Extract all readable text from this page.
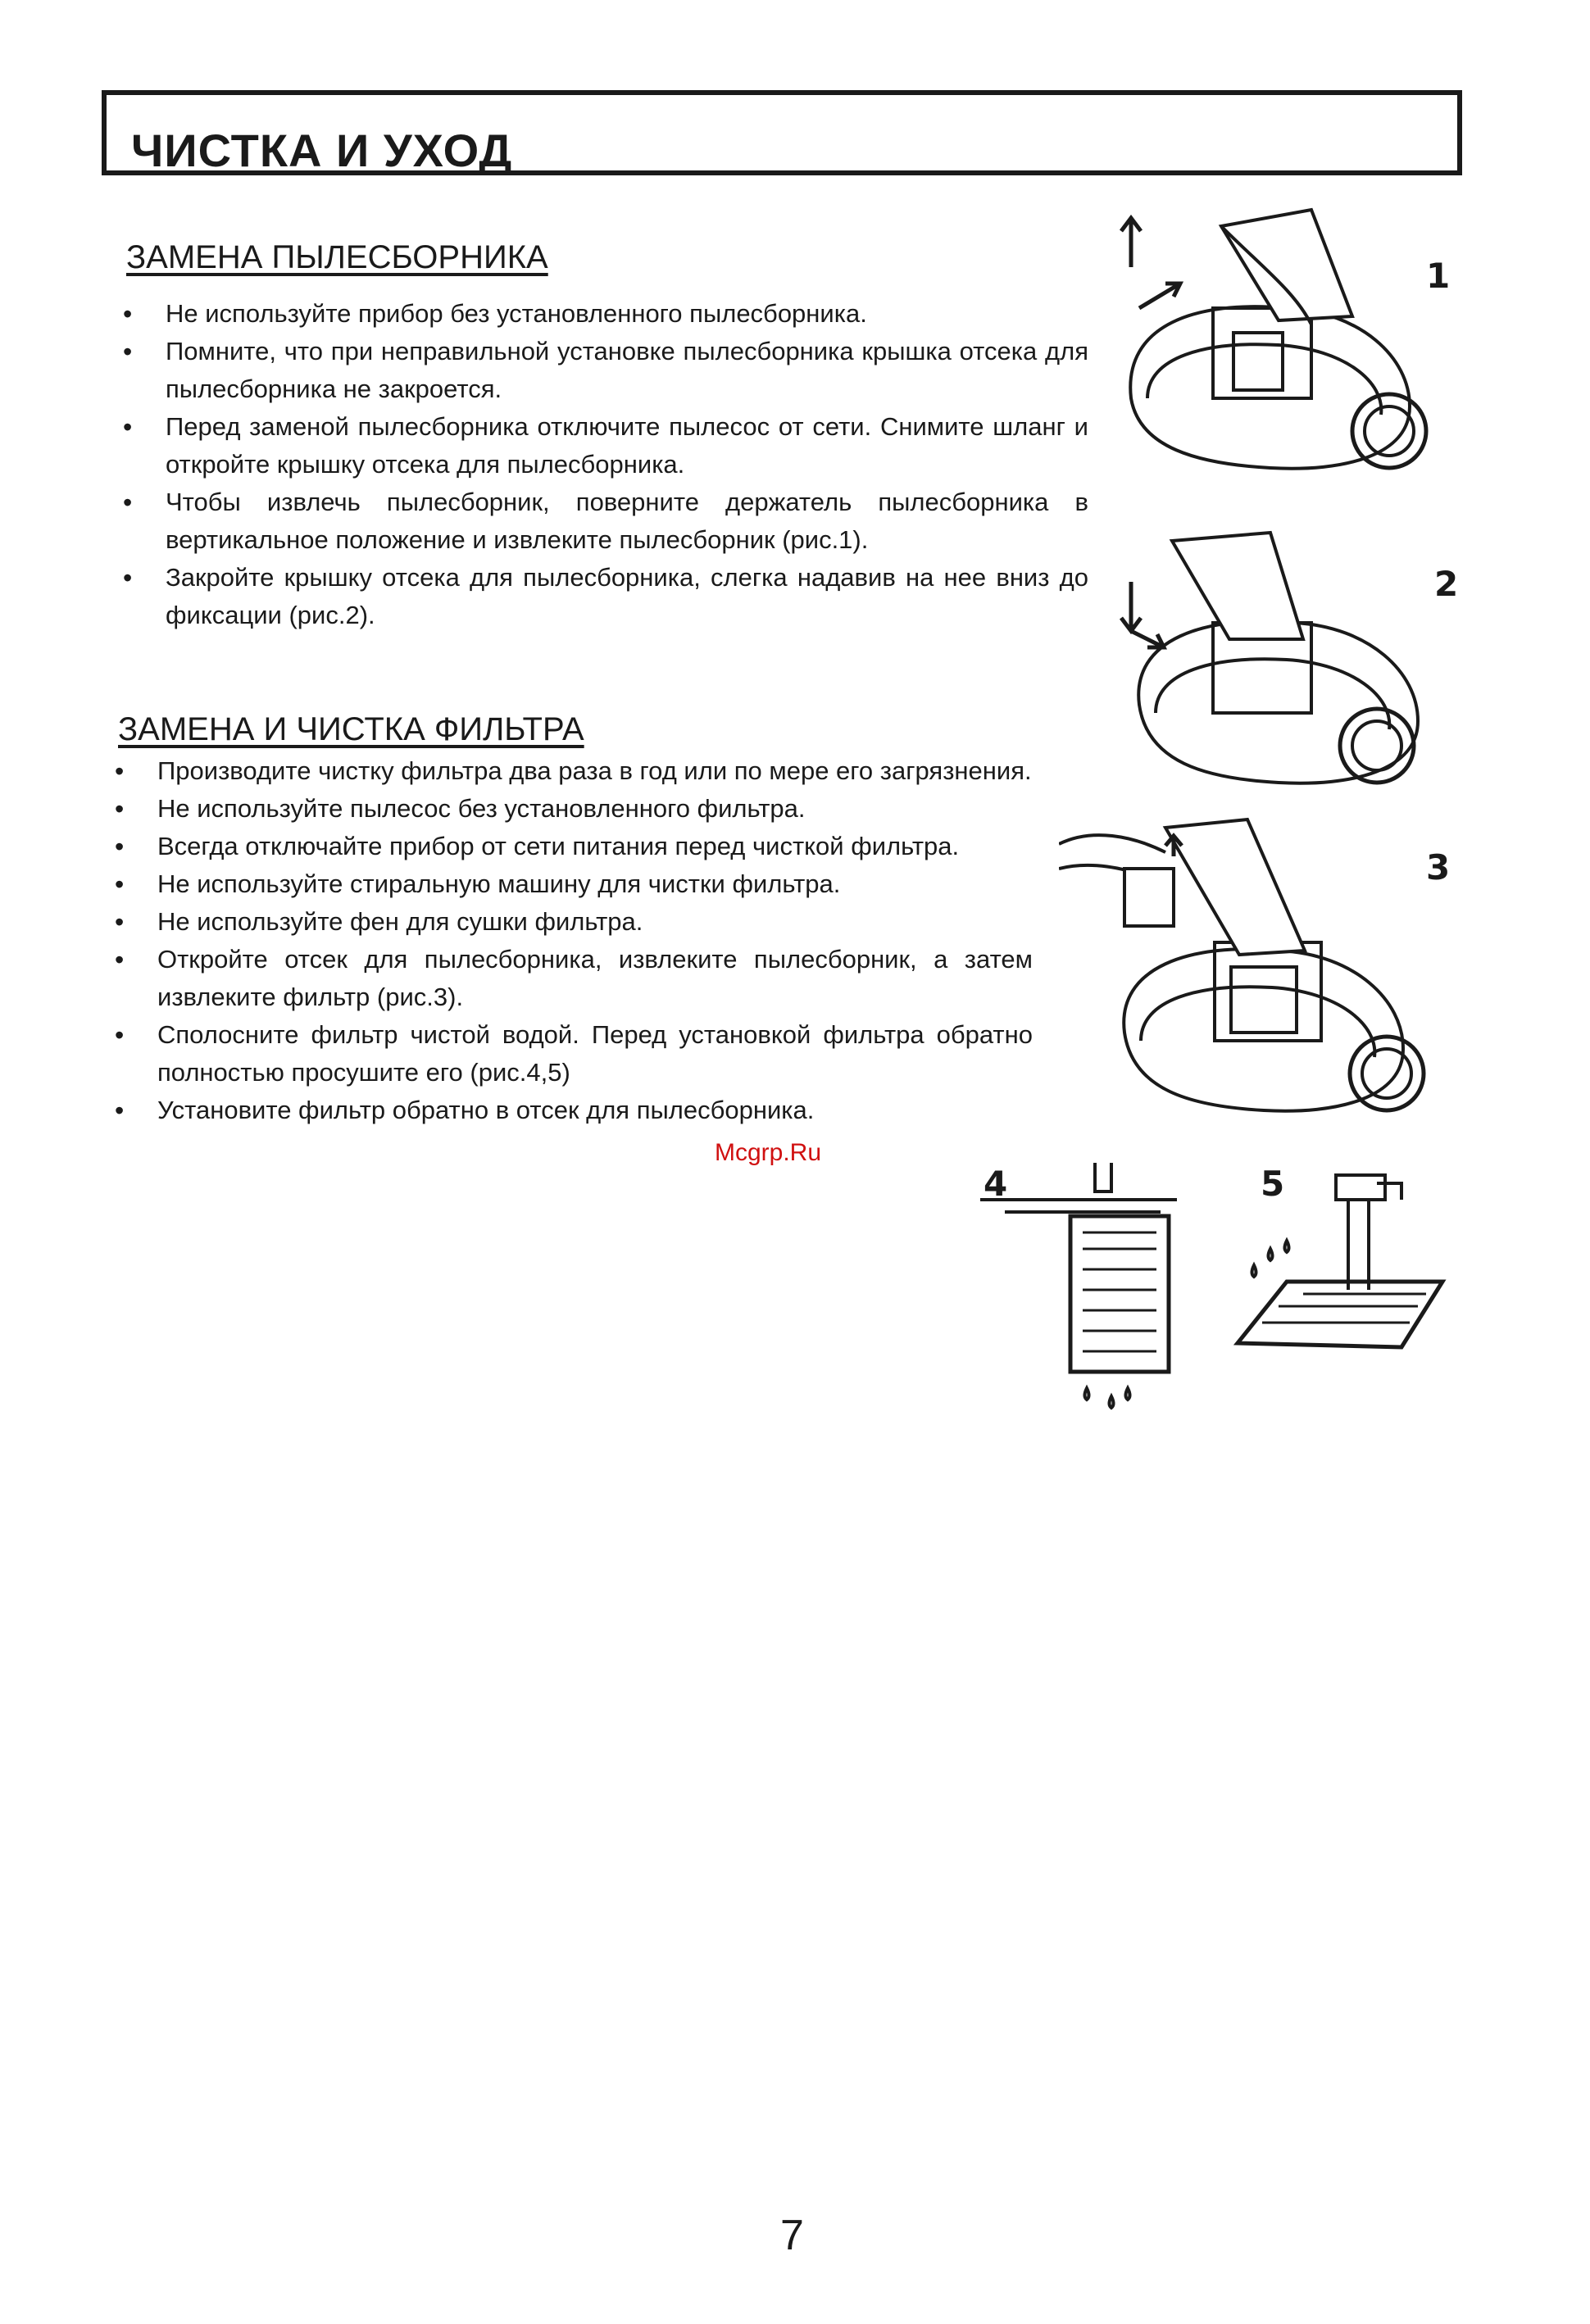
ЧИСТКА И УХОД
ЗАМЕНА ПЫЛЕСБОРНИКА
• Не используйте прибор без установленного пылесборника.
• Помните, что при неправильной установке пылесборника крышка отсека для пылесборника не закроется.
• Перед заменой пылесборника отключите пылесос от сети. Снимите шланг и откройте крышку отсека для пылесборника.
• Чтобы извлечь пылесборник, поверните держатель пылесборника в вертикальное положение и извлеките пылесборник (рис.1).
• Закройте крышку отсека для пылесборника, слегка надавив на нее вниз до фиксации (рис.2).
ЗАМЕНА И ЧИСТКА ФИЛЬТРА
• Производите чистку фильтра два раза в год или по мере его загрязнения.
• Не используйте пылесос без установленного фильтра.
• Всегда отключайте прибор от сети питания перед чисткой фильтра.
• Не используйте стиральную машину для чистки фильтра.
• Не используйте фен для сушки фильтра.
• Откройте отсек для пылесборника, извлеките пылесборник, а затем извлеките фильтр (рис.3).
• Сполосните фильтр чистой водой. Перед установкой фильтра обратно полностью просушите его (рис.4,5)
• Установите фильтр обратно в отсек для пылесборника.
Mcgrp.Ru
1
2
3
4	5
7
